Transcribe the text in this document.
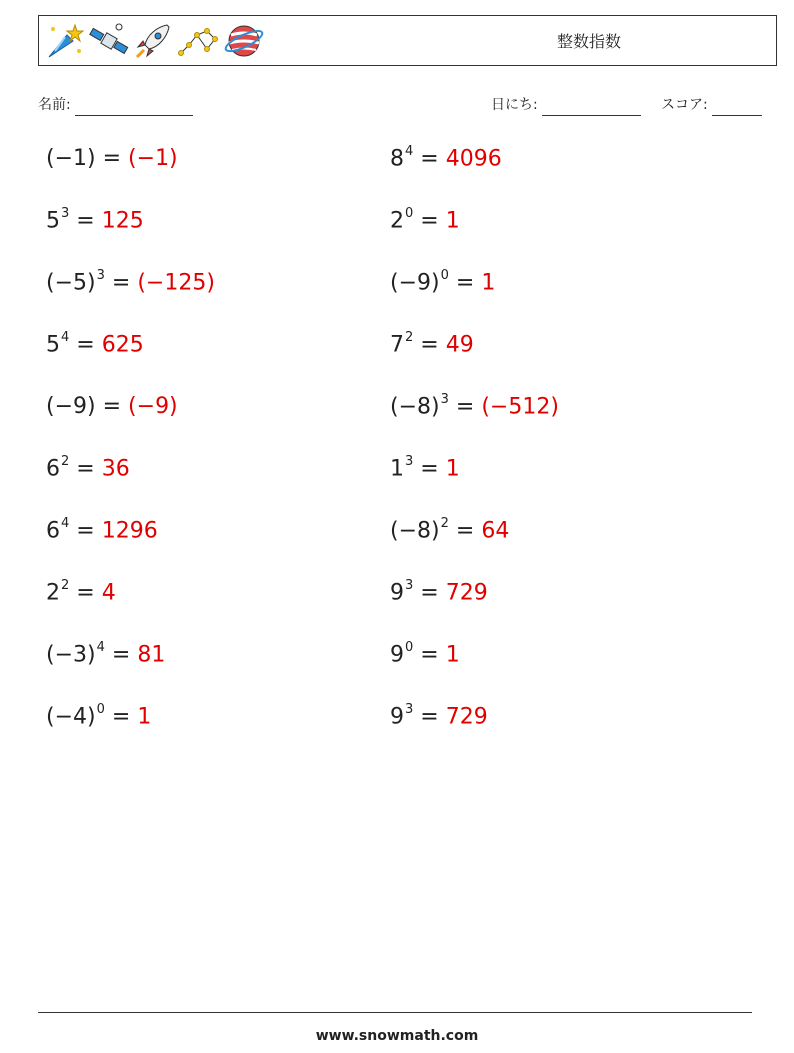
整数指数
名前:	日にち:	スコア:
(−1) = (−1)	$8^4 = 4096$
$5^3 = 125$	$2^0 = 1$
$(-5)^3 = (-125)$	$(-9)^0 = 1$
$5^4 = 625$	$7^2 = 49$
(−9) = (−9)	$(-8)^3 = (-512)$
$6^2 = 36$	$1^3 = 1$
$6^4 = 1296$	$(-8)^2 = 64$
$2^2 = 4$	$9^3 = 729$
$(-3)^4 = 81$	$9^0 = 1$
$(-4)^0 = 1$	$9^3 = 729$
www.snowmath.com
